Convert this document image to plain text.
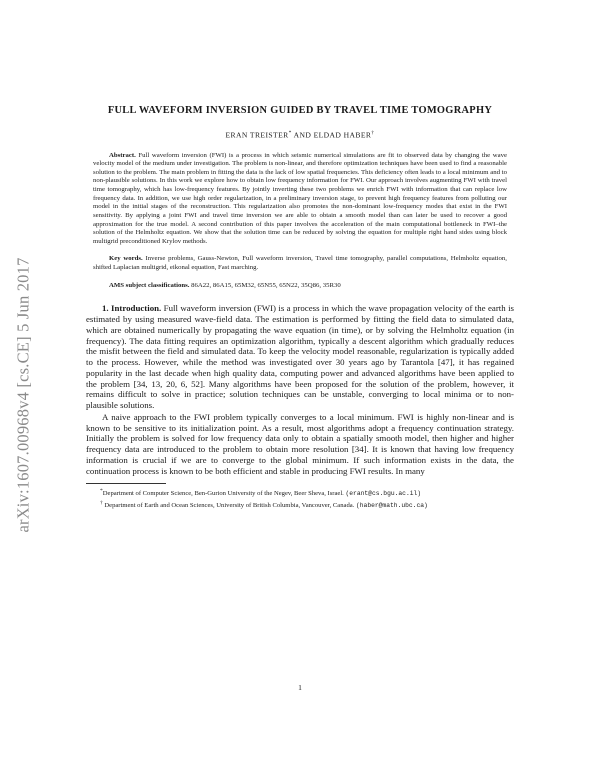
arXiv:1607.00968v4 [cs.CE] 5 Jun 2017
FULL WAVEFORM INVERSION GUIDED BY TRAVEL TIME TOMOGRAPHY
ERAN TREISTER* AND ELDAD HABER†
Abstract. Full waveform inversion (FWI) is a process in which seismic numerical simulations are fit to observed data by changing the wave velocity model of the medium under investigation. The problem is non-linear, and therefore optimization techniques have been used to find a reasonable solution to the problem. The main problem in fitting the data is the lack of low spatial frequencies. This deficiency often leads to a local minimum and to non-plausible solutions. In this work we explore how to obtain low frequency information for FWI. Our approach involves augmenting FWI with travel time tomography, which has low-frequency features. By jointly inverting these two problems we enrich FWI with information that can replace low frequency data. In addition, we use high order regularization, in a preliminary inversion stage, to prevent high frequency features from polluting our model in the initial stages of the reconstruction. This regularization also promotes the non-dominant low-frequency modes that exist in the FWI sensitivity. By applying a joint FWI and travel time inversion we are able to obtain a smooth model than can later be used to recover a good approximation for the true model. A second contribution of this paper involves the acceleration of the main computational bottleneck in FWI–the solution of the Helmholtz equation. We show that the solution time can be reduced by solving the equation for multiple right hand sides using block multigrid preconditioned Krylov methods.
Key words. Inverse problems, Gauss-Newton, Full waveform inversion, Travel time tomography, parallel computations, Helmholtz equation, shifted Laplacian multigrid, eikonal equation, Fast marching.
AMS subject classifications. 86A22, 86A15, 65M32, 65N55, 65N22, 35Q86, 35R30

1. Introduction. Full waveform inversion (FWI) is a process in which the wave propagation velocity of the earth is estimated by using measured wave-field data. The estimation is performed by fitting the field data to simulated data, which are obtained numerically by propagating the wave equation (in time), or by solving the Helmholtz equation (in frequency). The data fitting requires an optimization algorithm, typically a descent algorithm which gradually reduces the misfit between the field and simulated data. To keep the velocity model reasonable, regularization is typically added to the process. However, while the method was investigated over 30 years ago by Tarantola [47], it has regained popularity in the last decade when high quality data, computing power and advanced algorithms have been applied to the problem [34, 13, 20, 6, 52]. Many algorithms have been proposed for the solution of the problem, however, it remains difficult to solve in practice; solution techniques can be unstable, converging to local minima or to non-plausible solutions.

A naive approach to the FWI problem typically converges to a local minimum. FWI is highly non-linear and is known to be sensitive to its initialization point. As a result, most algorithms adopt a frequency continuation strategy. Initially the problem is solved for low frequency data only to obtain a spatially smooth model, then higher and higher frequency data are introduced to the problem to obtain more resolution [34]. It is known that having low frequency information is crucial if we are to converge to the global minimum. If such information exists in the data, the continuation process is known to be both efficient and stable in producing FWI results. In many

*Department of Computer Science, Ben-Gurion University of the Negev, Beer Sheva, Israel. (erant@cs.bgu.ac.il)

† Department of Earth and Ocean Sciences, University of British Columbia, Vancouver, Canada. (haber@math.ubc.ca)

1
